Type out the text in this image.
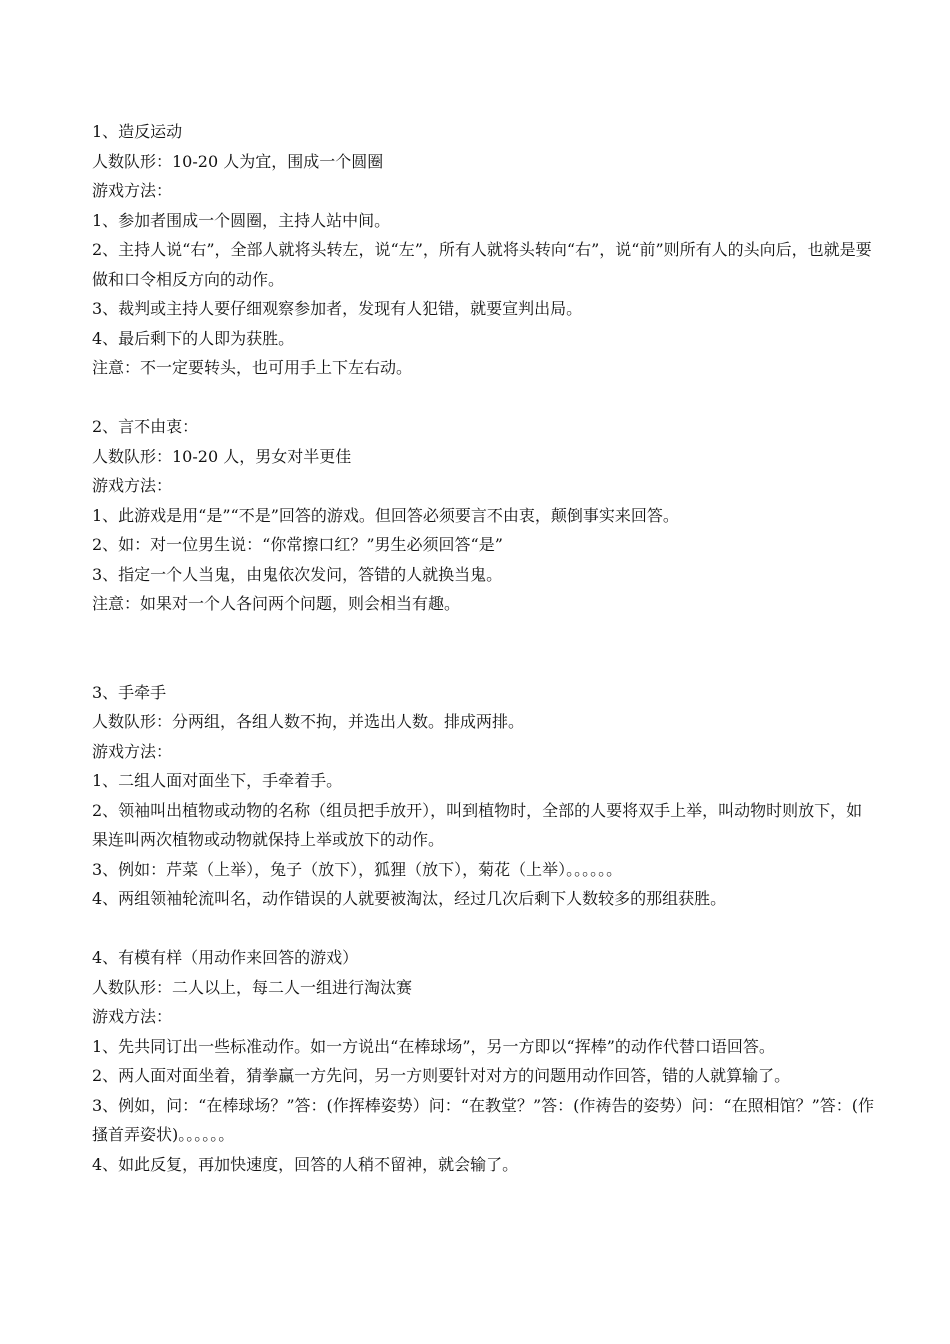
1、造反运动
人数队形：10-20 人为宜，围成一个圆圈
游戏方法：
1、参加者围成一个圆圈，主持人站中间。
2、主持人说“右”，全部人就将头转左，说“左”，所有人就将头转向“右”，说“前”则所有人的头向后，也就是要做和口令相反方向的动作。
3、裁判或主持人要仔细观察参加者，发现有人犯错，就要宣判出局。
4、最后剩下的人即为获胜。
注意：不一定要转头，也可用手上下左右动。
2、言不由衷：
人数队形：10-20 人，男女对半更佳
游戏方法：
1、此游戏是用“是”“不是”回答的游戏。但回答必须要言不由衷，颠倒事实来回答。
2、如：对一位男生说：“你常擦口红？”男生必须回答“是”
3、指定一个人当鬼，由鬼依次发问，答错的人就换当鬼。
注意：如果对一个人各问两个问题，则会相当有趣。
3、手牵手
人数队形：分两组，各组人数不拘，并选出人数。排成两排。
游戏方法：
1、二组人面对面坐下，手牵着手。
2、领袖叫出植物或动物的名称（组员把手放开），叫到植物时，全部的人要将双手上举，叫动物时则放下，如果连叫两次植物或动物就保持上举或放下的动作。
3、例如：芹菜（上举），兔子（放下），狐狸（放下），菊花（上举）。。。。。。
4、两组领袖轮流叫名，动作错误的人就要被淘汰，经过几次后剩下人数较多的那组获胜。
4、有模有样（用动作来回答的游戏）
人数队形：二人以上，每二人一组进行淘汰赛
游戏方法：
1、先共同订出一些标准动作。如一方说出“在棒球场”，另一方即以“挥棒”的动作代替口语回答。
2、两人面对面坐着，猜拳赢一方先问，另一方则要针对对方的问题用动作回答，错的人就算输了。
3、例如，问：“在棒球场？”答：(作挥棒姿势）问：“在教堂？”答：(作祷告的姿势）问：“在照相馆？”答：(作搔首弄姿状)。。。。。。
4、如此反复，再加快速度，回答的人稍不留神，就会输了。
